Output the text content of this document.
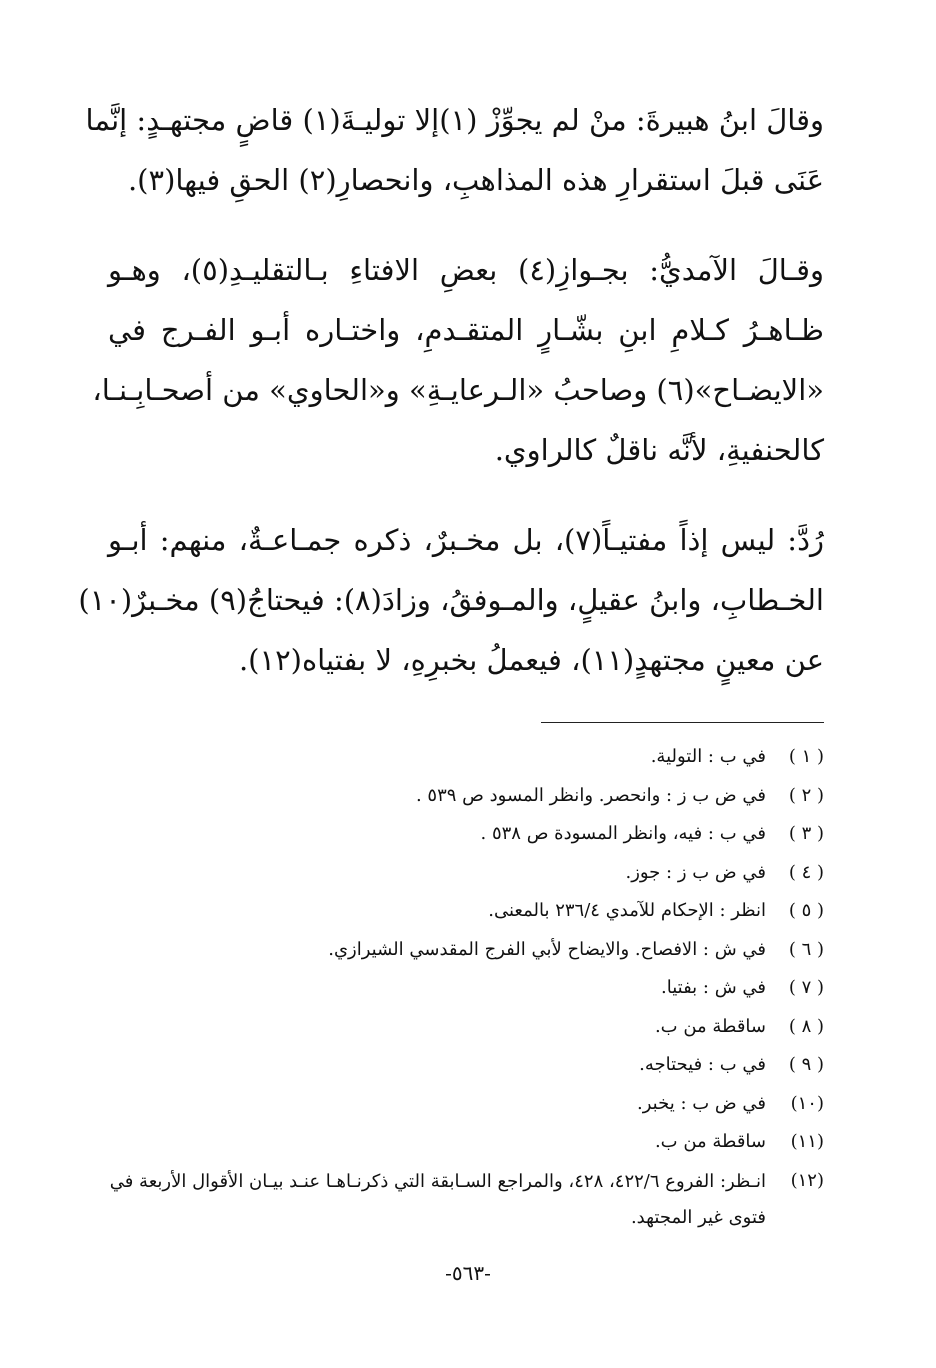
وقالَ ابنُ هبيرةَ: منْ لم يجوِّزْ (١)إلا توليـةَ(١) قاضٍ مجتهـدٍ: إنَّما
عَنَى قبلَ استقرارِ هذه المذاهبِ، وانحصارِ(٢) الحقِ فيها(٣).
وقـالَ الآمديُّ: بجـوازِ(٤) بعضِ الافتاءِ بـالتقليـدِ(٥)، وهـو
ظـاهـرُ كـلامِ ابنِ بشّـارٍ المتقـدمِ، واختـاره أبـو الفـرج في
«الايضـاح»(٦) وصاحبُ «الـرعايـةِ» و«الحاوي» من أصحـابِـنـا،
كالحنفيةِ، لأنَّه ناقلٌ كالراوي.
رُدَّ: ليس إذاً مفتيـاً(٧)، بل مخـبرٌ، ذكره جمـاعـةٌ، منهم: أبـو
الخـطابِ، وابنُ عقيلٍ، والمـوفقُ، وزادَ(٨): فيحتاجُ(٩) مخـبرٌ(١٠)
عن معينٍ مجتهدٍ(١١)، فيعملُ بخبرِهِ، لا بفتياه(١٢).
( ١ )
في ب : التولية.
( ٢ )
في ض ب ز : وانحصر. وانظر المسود ص ٥٣٩ .
( ٣ )
في ب : فيه، وانظر المسودة ص ٥٣٨ .
( ٤ )
في ض ب ز : جوز.
( ٥ )
انظر : الإحكام للآمدي ٢٣٦/٤ بالمعنى.
( ٦ )
في ش : الافصاح. والايضاح لأبي الفرج المقدسي الشيرازي.
( ٧ )
في ش : بفتيا.
( ٨ )
ساقطة من ب.
( ٩ )
في ب : فيحتاجه.
(١٠)
في ض ب : يخبر.
(١١)
ساقطة من ب.
(١٢)
انـظر: الفروع ٤٢٢/٦، ٤٢٨، والمراجع السـابقة التي ذكرنـاهـا عنـد بيـان الأقوال الأربعة في فتوى غير المجتهد.
-٥٦٣-
